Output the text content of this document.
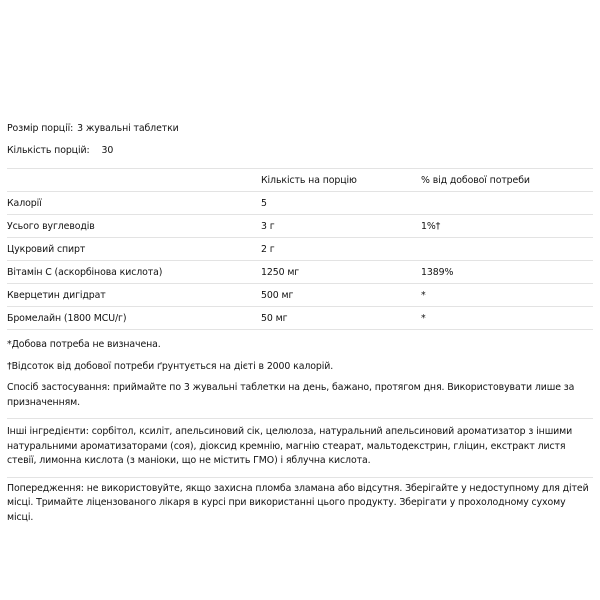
Розмір порції: 3 жувальні таблетки
Кількість порцій: 30
	Кількість на порцію	% від добової потреби
Калорії	5	
Усього вуглеводів	3 г	1%†
Цукровий спирт	2 г	
Вітамін C (аскорбінова кислота)	1250 мг	1389%
Кверцетин дигідрат	500 мг	*
Бромелайн (1800 MCU/г)	50 мг	*

*Добова потреба не визначена.

†Відсоток від добової потреби ґрунтується на дієті в 2000 калорій.

Спосіб застосування: приймайте по 3 жувальні таблетки на день, бажано, протягом дня. Використовувати лише за призначенням.

Інші інгредієнти: сорбітол, ксиліт, апельсиновий сік, целюлоза, натуральний апельсиновий ароматизатор з іншими натуральними ароматизаторами (соя), діоксид кремнію, магнію стеарат, мальтодекстрин, гліцин, екстракт листя стевії, лимонна кислота (з маніоки, що не містить ГМО) і яблучна кислота.

Попередження: не використовуйте, якщо захисна пломба зламана або відсутня. Зберігайте у недоступному для дітей місці. Тримайте ліцензованого лікаря в курсі при використанні цього продукту. Зберігати у прохолодному сухому місці.
